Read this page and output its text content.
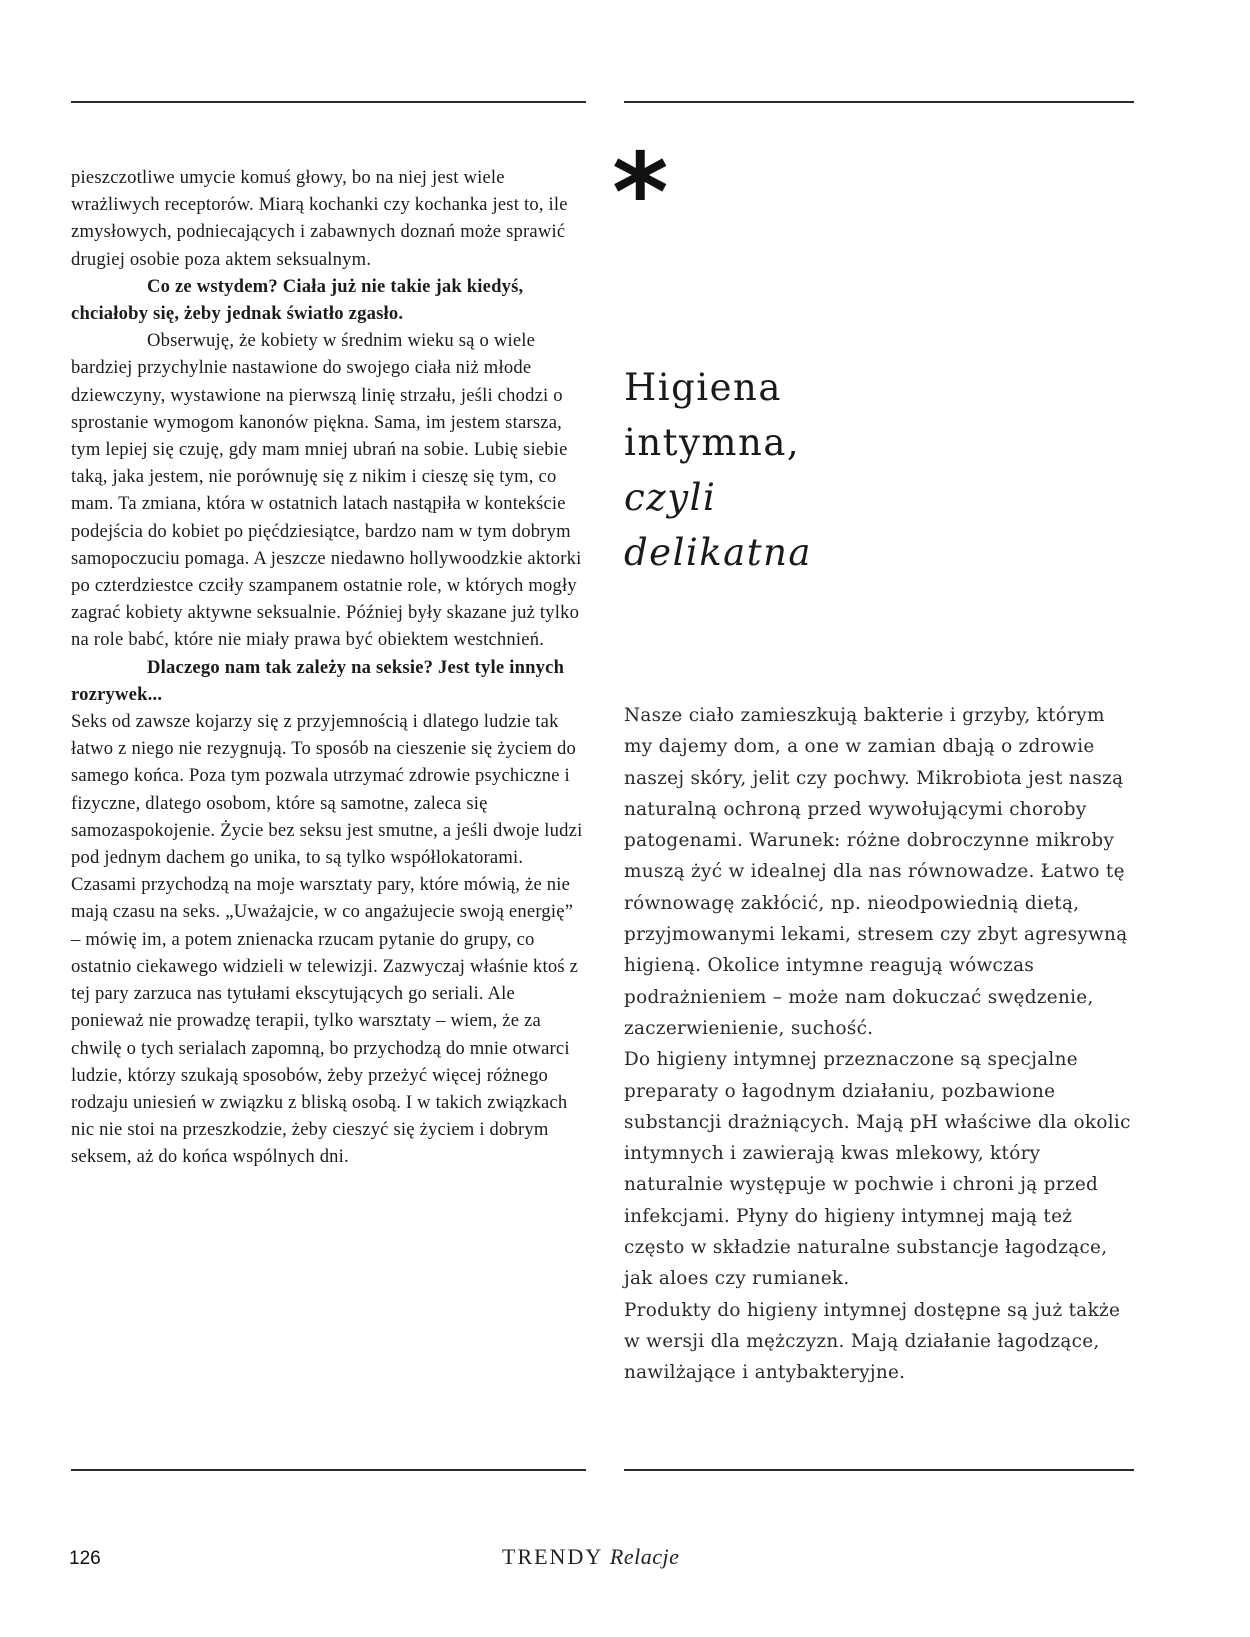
pieszczotliwe umycie komuś głowy, bo na niej jest wiele wrażliwych receptorów. Miarą kochanki czy kochanka jest to, ile zmysłowych, podniecających i zabawnych doznań może sprawić drugiej osobie poza aktem seksualnym.

Co ze wstydem? Ciała już nie takie jak kiedyś, chciałoby się, żeby jednak światło zgasło.

Obserwuję, że kobiety w średnim wieku są o wiele bardziej przychylnie nastawione do swojego ciała niż młode dziewczyny, wystawione na pierwszą linię strzału, jeśli chodzi o sprostanie wymogom kanonów piękna. Sama, im jestem starsza, tym lepiej się czuję, gdy mam mniej ubrań na sobie. Lubię siebie taką, jaka jestem, nie porównuję się z nikim i cieszę się tym, co mam. Ta zmiana, która w ostatnich latach nastąpiła w kontekście podejścia do kobiet po pięćdziesiątce, bardzo nam w tym dobrym samopoczuciu pomaga. A jeszcze niedawno hollywoodzkie aktorki po czterdziestce czciły szampanem ostatnie role, w których mogły zagrać kobiety aktywne seksualnie. Później były skazane już tylko na role babć, które nie miały prawa być obiektem westchnień.

Dlaczego nam tak zależy na seksie? Jest tyle innych rozrywek...

Seks od zawsze kojarzy się z przyjemnością i dlatego ludzie tak łatwo z niego nie rezygnują. To sposób na cieszenie się życiem do samego końca. Poza tym pozwala utrzymać zdrowie psychiczne i fizyczne, dlatego osobom, które są samotne, zaleca się samozaspokojenie. Życie bez seksu jest smutne, a jeśli dwoje ludzi pod jednym dachem go unika, to są tylko współlokatorami.

Czasami przychodzą na moje warsztaty pary, które mówią, że nie mają czasu na seks. „Uważajcie, w co angażujecie swoją energię” – mówię im, a potem znienacka rzucam pytanie do grupy, co ostatnio ciekawego widzieli w telewizji. Zazwyczaj właśnie ktoś z tej pary zarzuca nas tytułami ekscytujących go seriali. Ale ponieważ nie prowadzę terapii, tylko warsztaty – wiem, że za chwilę o tych serialach zapomną, bo przychodzą do mnie otwarci ludzie, którzy szukają sposobów, żeby przeżyć więcej różnego rodzaju uniesień w związku z bliską osobą. I w takich związkach nic nie stoi na przeszkodzie, żeby cieszyć się życiem i dobrym seksem, aż do końca wspólnych dni.

*
Higiena
intymna,
czyli
delikatna

Nasze ciało zamieszkują bakterie i grzyby, którym my dajemy dom, a one w zamian dbają o zdrowie naszej skóry, jelit czy pochwy. Mikrobiota jest naszą naturalną ochroną przed wywołującymi choroby patogenami. Warunek: różne dobroczynne mikroby muszą żyć w idealnej dla nas równowadze. Łatwo tę równowagę zakłócić, np. nieodpowiednią dietą, przyjmowanymi lekami, stresem czy zbyt agresywną higieną. Okolice intymne reagują wówczas podrażnieniem – może nam dokuczać swędzenie, zaczerwienienie, suchość.

Do higieny intymnej przeznaczone są specjalne preparaty o łagodnym działaniu, pozbawione substancji drażniących. Mają pH właściwe dla okolic intymnych i zawierają kwas mlekowy, który naturalnie występuje w pochwie i chroni ją przed infekcjami. Płyny do higieny intymnej mają też często w składzie naturalne substancje łagodzące, jak aloes czy rumianek.

Produkty do higieny intymnej dostępne są już także w wersji dla mężczyzn. Mają działanie łagodzące, nawilżające i antybakteryjne.

126	TRENDY Relacje
